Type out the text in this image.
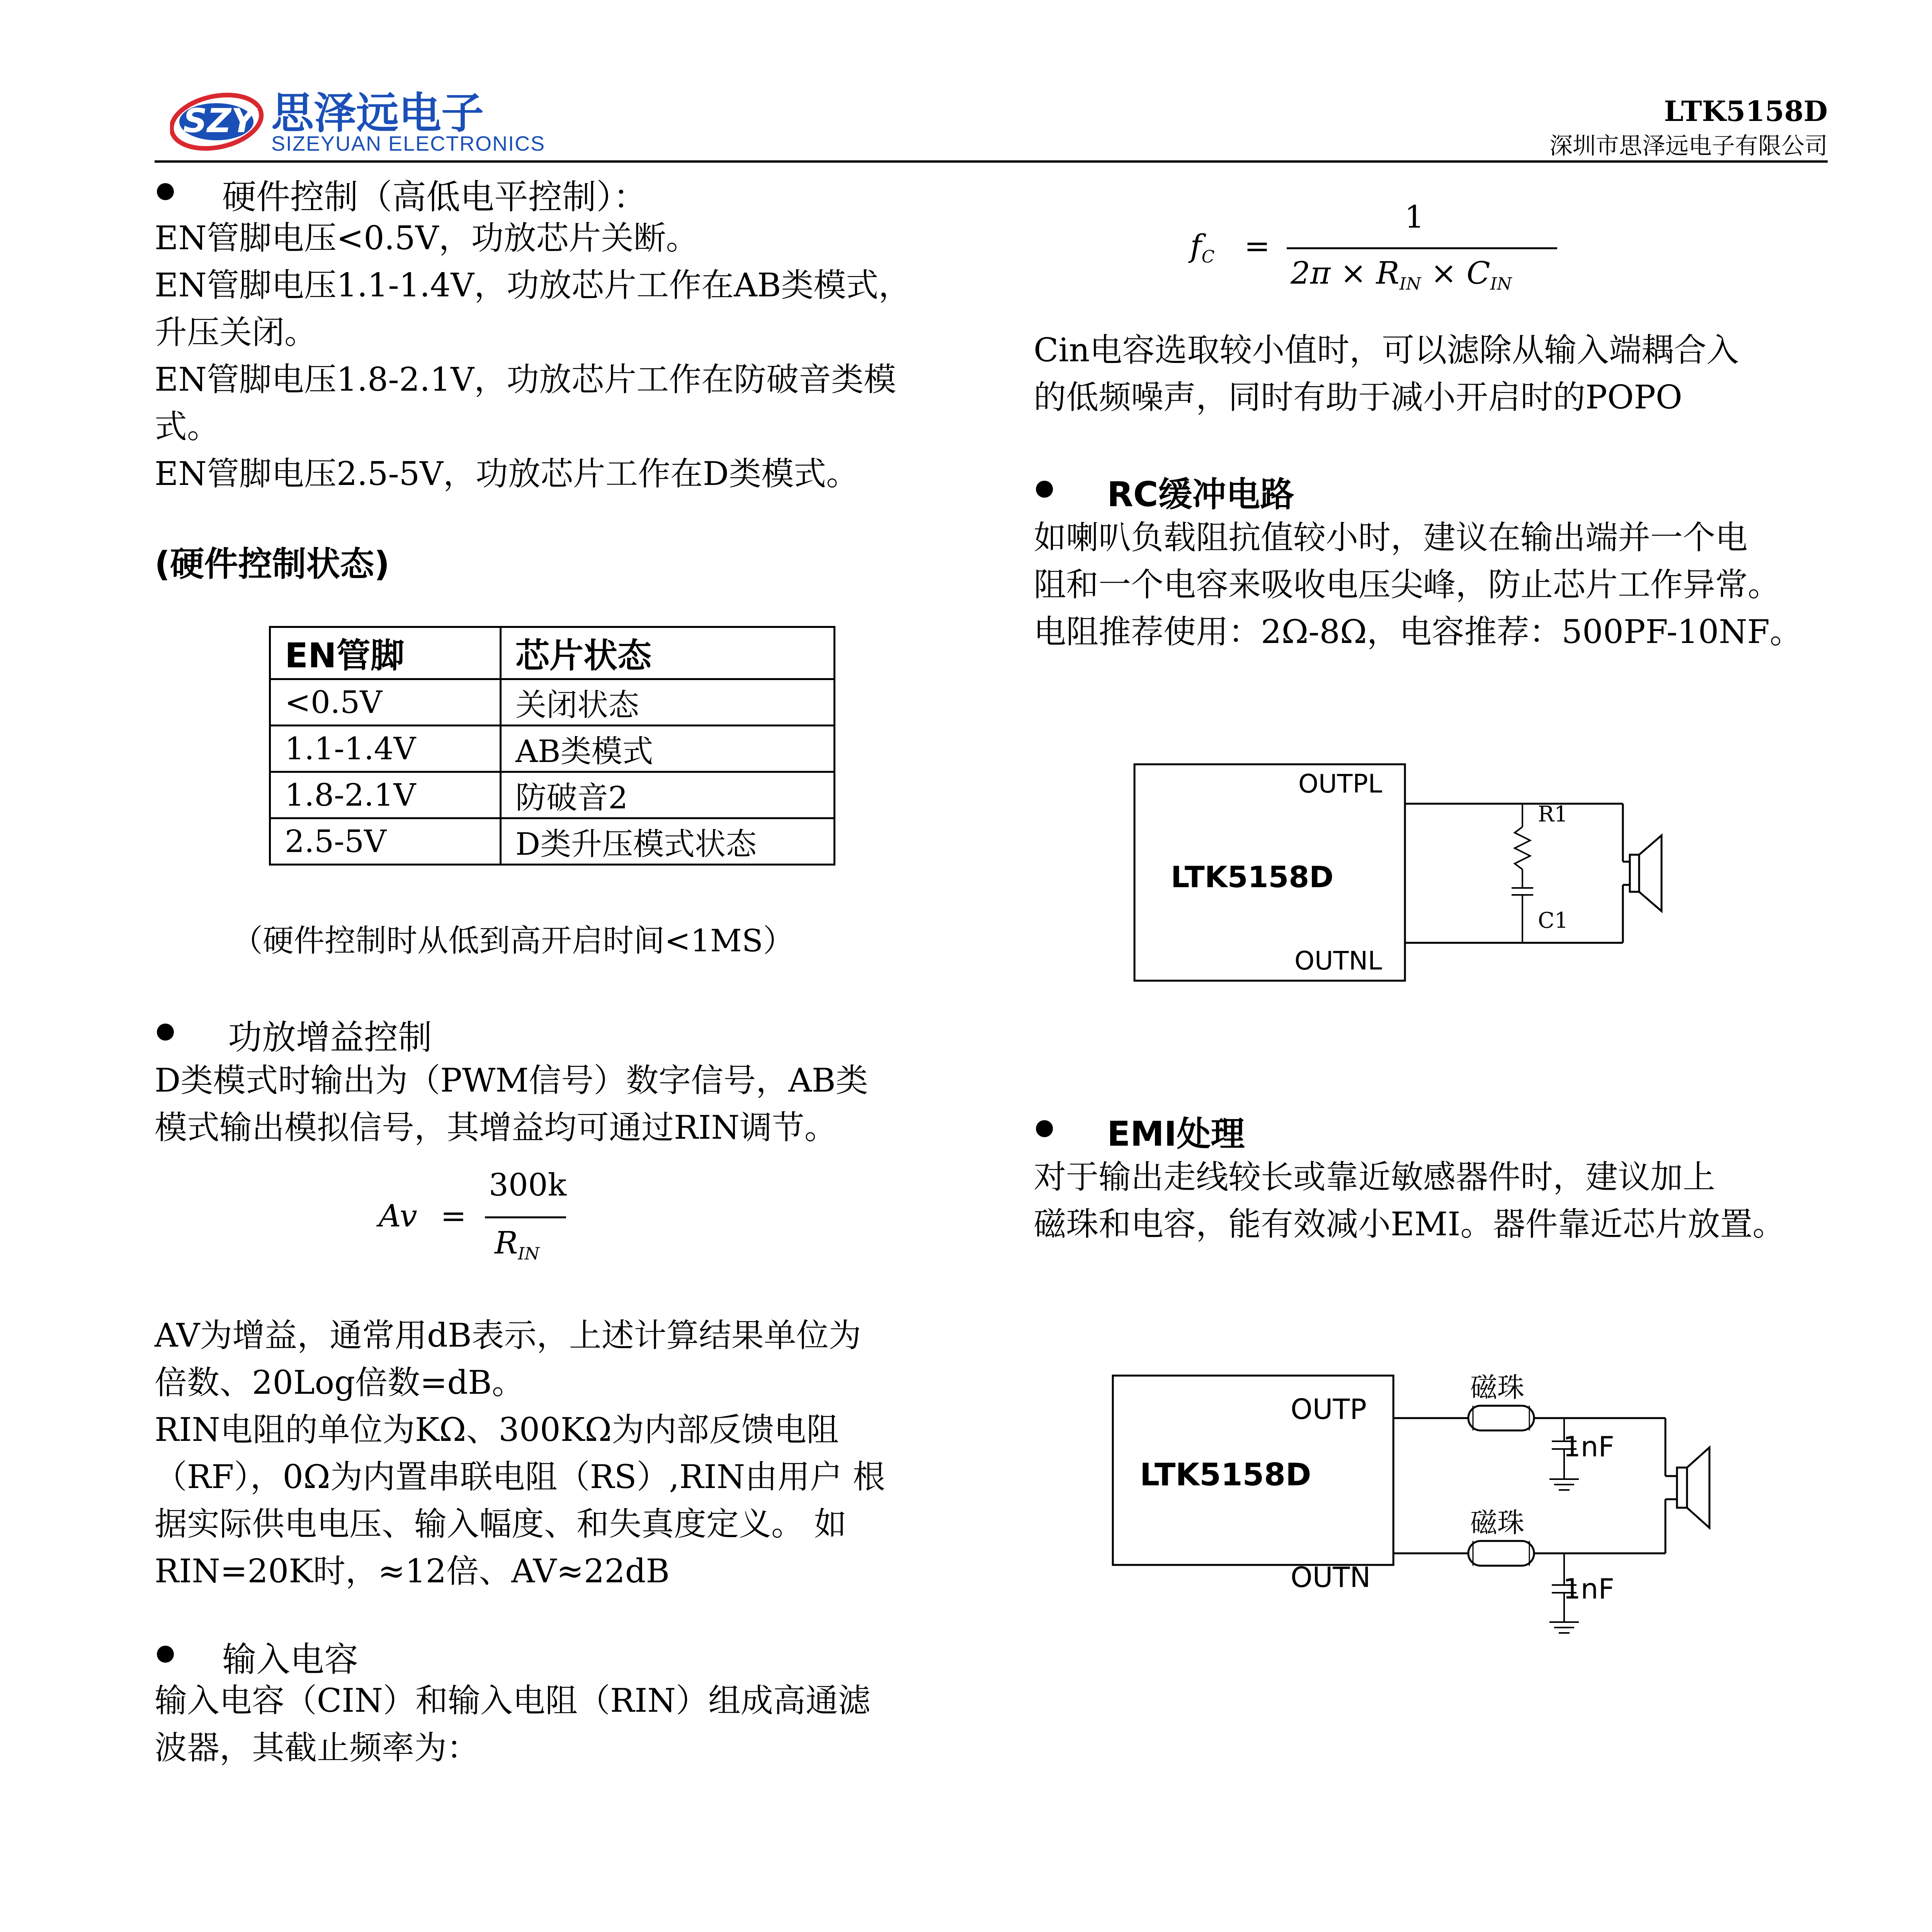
SZY 思泽远电子
SIZEYUAN ELECTRONICS
LTK5158D
深圳市思泽远电子有限公司
硬件控制（高低电平控制）：
EN管脚电压<0.5V，功放芯片关断。
EN管脚电压1.1-1.4V，功放芯片工作在AB类模式，
升压关闭。
EN管脚电压1.8-2.1V，功放芯片工作在防破音类模
式。
EN管脚电压2.5-5V，功放芯片工作在D类模式。
(硬件控制状态)
EN管脚	芯片状态
<0.5V	关闭状态
1.1-1.4V	AB类模式
1.8-2.1V	防破音2
2.5-5V	D类升压模式状态
（硬件控制时从低到高开启时间<1MS）
功放增益控制
D类模式时输出为（PWM信号）数字信号，AB类
模式输出模拟信号，其增益均可通过RIN调节。
Av =
300k
$R_{IN}$
AV为增益，通常用dB表示，上述计算结果单位为
倍数、20Log倍数=dB。
RIN电阻的单位为KΩ、300KΩ为内部反馈电阻
（RF），0Ω为内置串联电阻（RS）,RIN由用户 根
据实际供电电压、输入幅度、和失真度定义。 如
RIN=20K时，≈12倍、AV≈22dB
输入电容
输入电容（CIN）和输入电阻（RIN）组成高通滤
波器，其截止频率为：
$f_C$ =
1
$2\pi \times R_{IN} \times C_{IN}$
Cin电容选取较小值时，可以滤除从输入端耦合入
的低频噪声，同时有助于减小开启时的POPO
RC缓冲电路
如喇叭负载阻抗值较小时，建议在输出端并一个电
阻和一个电容来吸收电压尖峰，防止芯片工作异常。
电阻推荐使用：2Ω-8Ω，电容推荐：500PF-10NF。
LTK5158D
OUTPL
OUTNL
R1
C1
EMI处理
对于输出走线较长或靠近敏感器件时，建议加上
磁珠和电容，能有效减小EMI。器件靠近芯片放置。
LTK5158D
OUTP
OUTN
磁珠
磁珠
1nF
1nF
